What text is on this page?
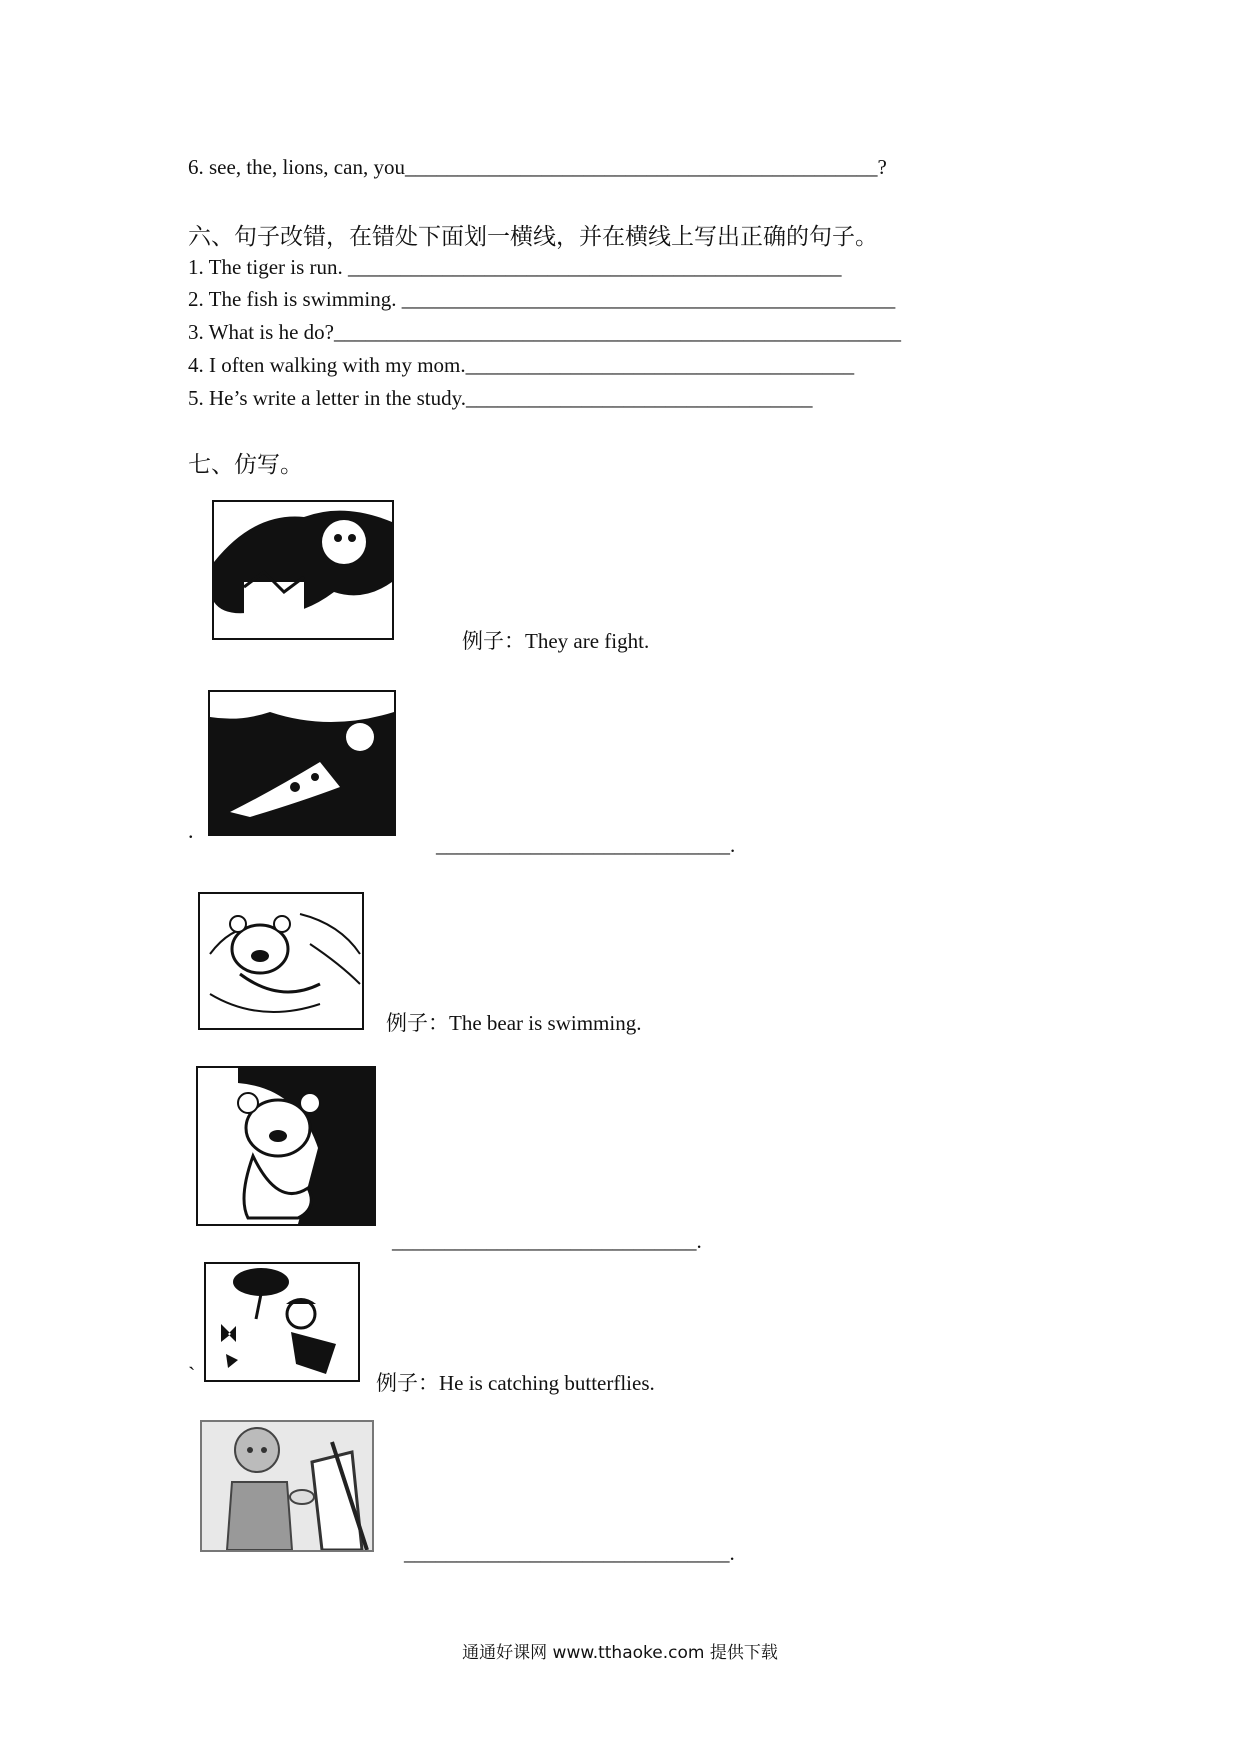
6. see, the, lions, can, you_____________________________________________?
六、句子改错，在错处下面划一横线，并在横线上写出正确的句子。
1. The tiger is run. _______________________________________________
2. The fish is swimming. _______________________________________________
3. What is he do?______________________________________________________
4. I often walking with my mom._____________________________________
5. He’s write a letter in the study._________________________________
七、仿写。
例子：They are fight.
.
____________________________.
例子：The bear is swimming.
_____________________________.
`	例子：He is catching butterflies.
_______________________________.
通通好课网 www.tthaoke.com 提供下载
